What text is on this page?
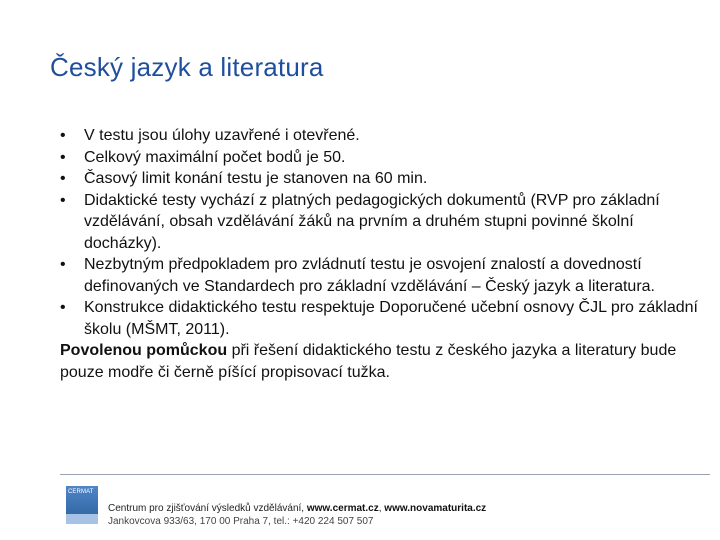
Český jazyk a literatura
•	V testu jsou úlohy uzavřené i otevřené.
•	Celkový maximální počet bodů je 50.
•	Časový limit konání testu je stanoven na 60 min.
•	Didaktické testy vychází z platných pedagogických dokumentů (RVP pro základní vzdělávání, obsah vzdělávání žáků na prvním a druhém stupni povinné školní docházky).
•	Nezbytným předpokladem pro zvládnutí testu je osvojení znalostí a dovedností definovaných ve Standardech pro základní vzdělávání – Český jazyk a literatura.
•	Konstrukce didaktického testu respektuje Doporučené učební osnovy ČJL pro základní školu (MŠMT, 2011).

Povolenou pomůckou při řešení didaktického testu z českého jazyka a literatury bude pouze modře či černě píšící propisovací tužka.

CERMAT
Centrum pro zjišťování výsledků vzdělávání, www.cermat.cz, www.novamaturita.cz
Jankovcova 933/63, 170 00 Praha 7, tel.: +420 224 507 507
